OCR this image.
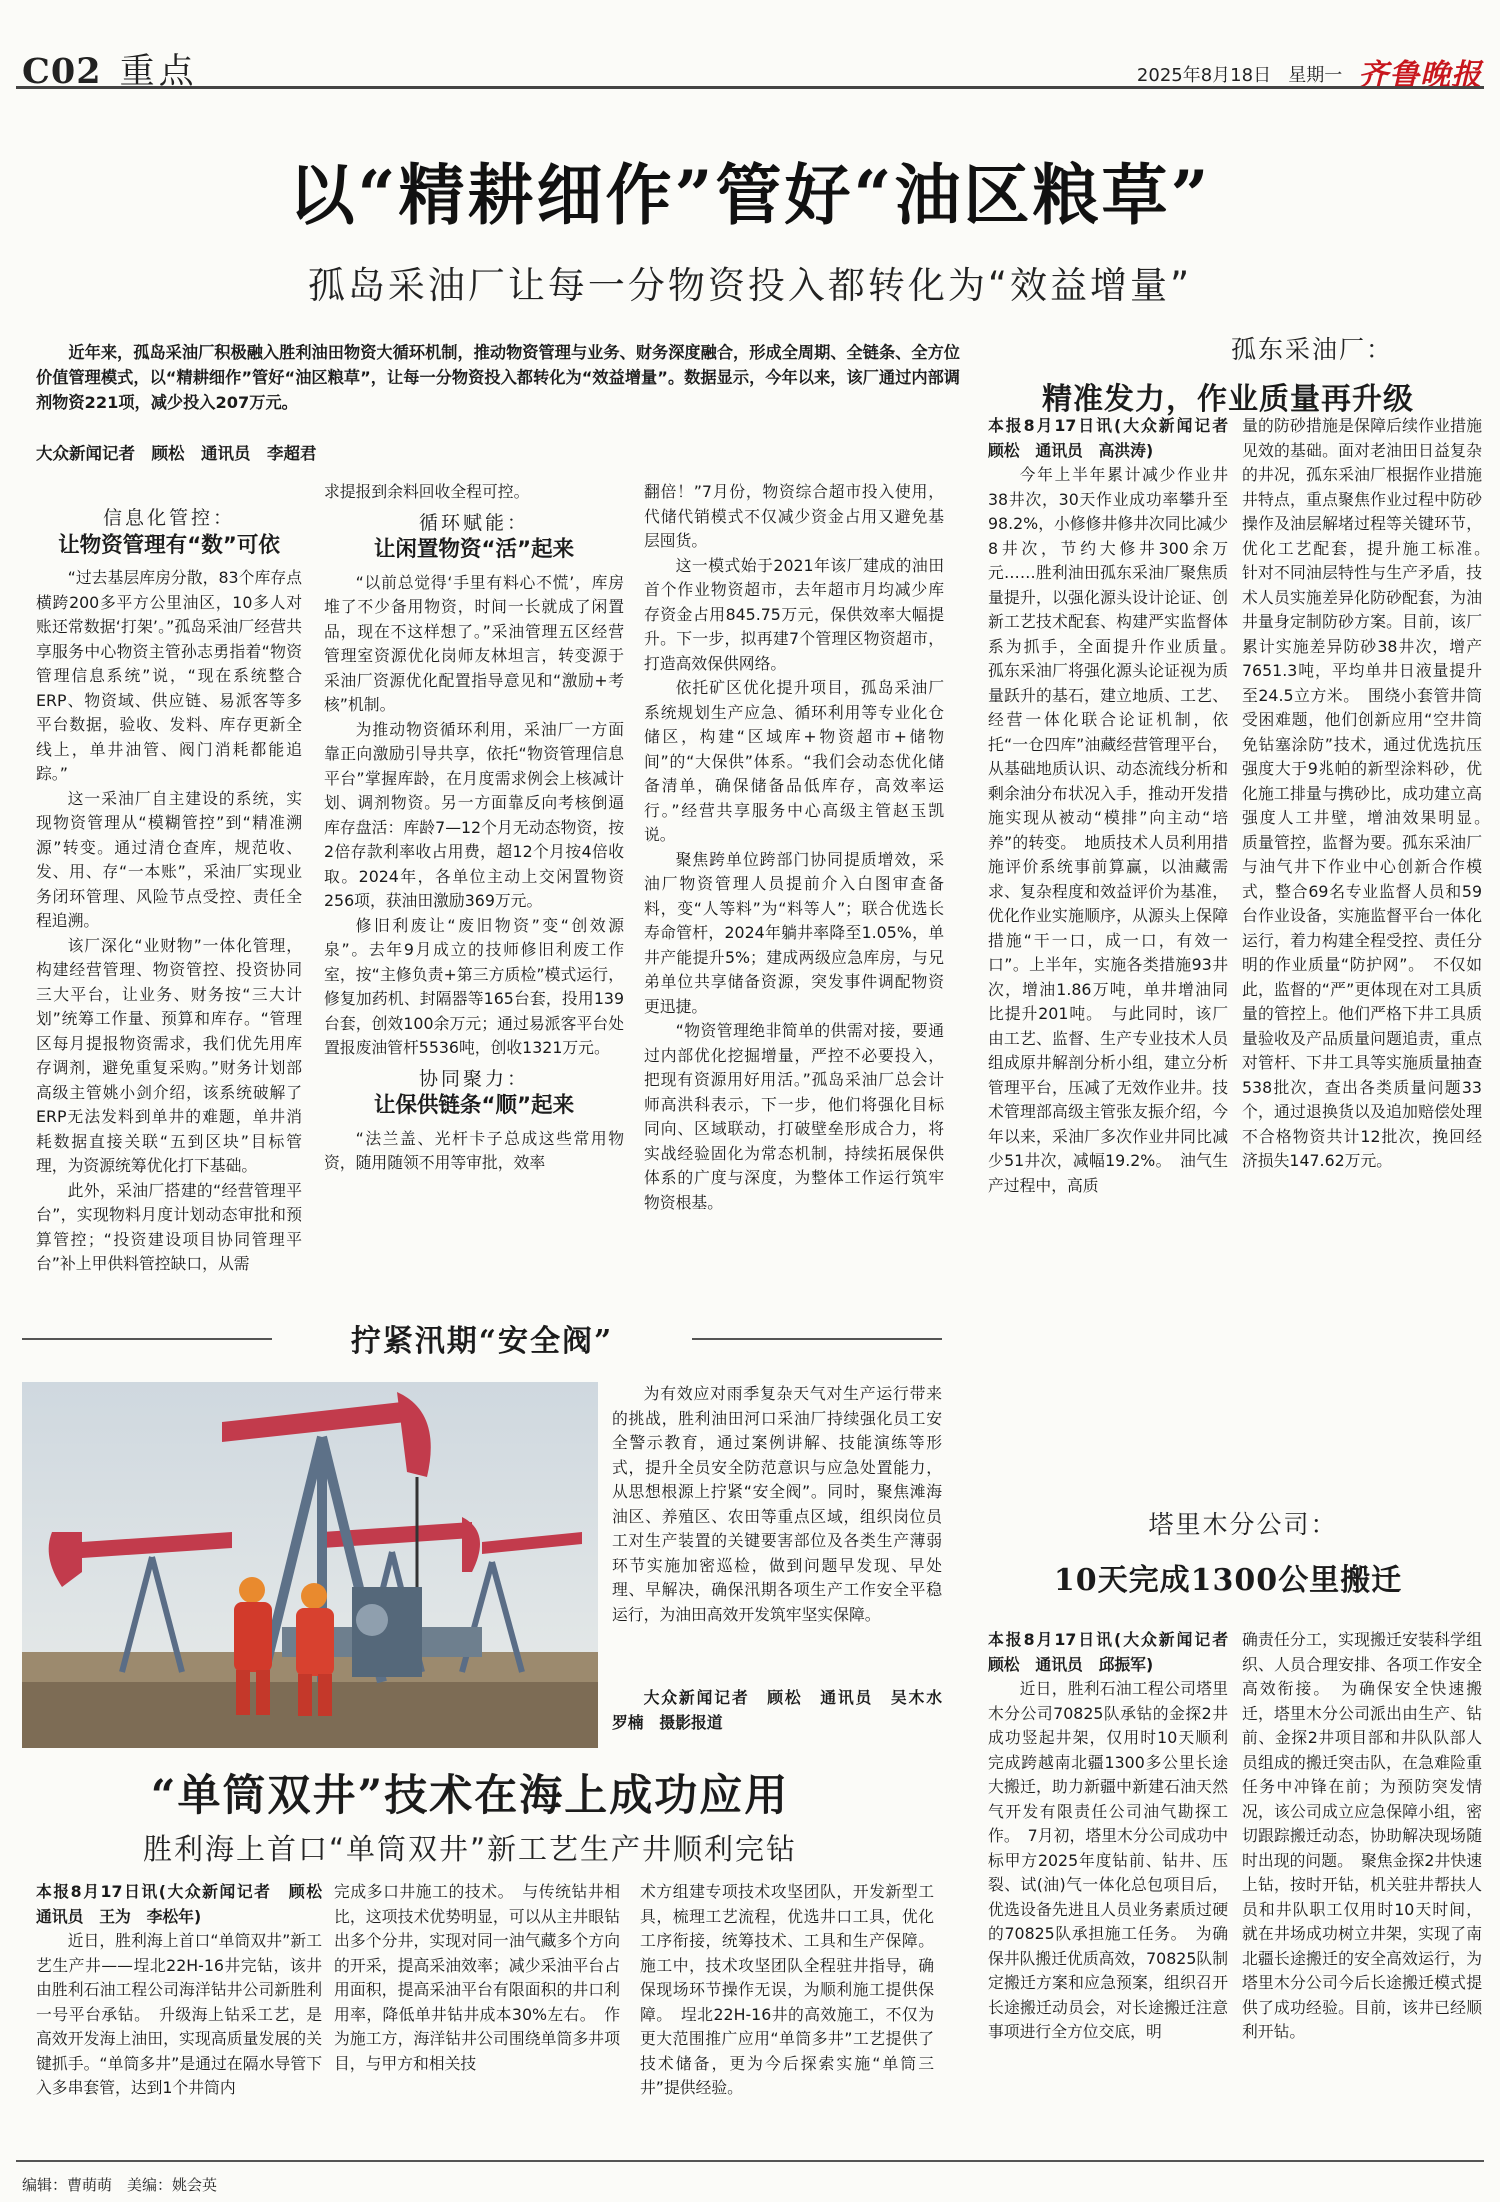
C02 重点	2025年8月18日 星期一 齐鲁晚报
以“精耕细作”管好“油区粮草”
孤岛采油厂让每一分物资投入都转化为“效益增量”
近年来，孤岛采油厂积极融入胜利油田物资大循环机制，推动物资管理与业务、财务深度融合，形成全周期、全链条、全方位价值管理模式，以“精耕细作”管好“油区粮草”，让每一分物资投入都转化为“效益增量”。数据显示，今年以来，该厂通过内部调剂物资221项，减少投入207万元。
大众新闻记者　顾松　通讯员　李超君
信息化管控：
让物资管理有“数”可依

“过去基层库房分散，83个库存点横跨200多平方公里油区，10多人对账还常数据‘打架’。”孤岛采油厂经营共享服务中心物资主管孙志勇指着“物资管理信息系统”说，“现在系统整合ERP、物资域、供应链、易派客等多平台数据，验收、发料、库存更新全线上，单井油管、阀门消耗都能追踪。”

这一采油厂自主建设的系统，实现物资管理从“模糊管控”到“精准溯源”转变。通过清仓查库，规范收、发、用、存“一本账”，采油厂实现业务闭环管理、风险节点受控、责任全程追溯。

该厂深化“业财物”一体化管理，构建经营管理、物资管控、投资协同三大平台，让业务、财务按“三大计划”统筹工作量、预算和库存。“管理区每月提报物资需求，我们优先用库存调剂，避免重复采购。”财务计划部高级主管姚小剑介绍，该系统破解了ERP无法发料到单井的难题，单井消耗数据直接关联“五到区块”目标管理，为资源统筹优化打下基础。

此外，采油厂搭建的“经营管理平台”，实现物料月度计划动态审批和预算管控；“投资建设项目协同管理平台”补上甲供料管控缺口，从需

求提报到余料回收全程可控。

循环赋能：
让闲置物资“活”起来

“以前总觉得‘手里有料心不慌’，库房堆了不少备用物资，时间一长就成了闲置品，现在不这样想了。”采油管理五区经营管理室资源优化岗师友林坦言，转变源于采油厂资源优化配置指导意见和“激励+考核”机制。

为推动物资循环利用，采油厂一方面靠正向激励引导共享，依托“物资管理信息平台”掌握库龄，在月度需求例会上核减计划、调剂物资。另一方面靠反向考核倒逼库存盘活：库龄7—12个月无动态物资，按2倍存款利率收占用费，超12个月按4倍收取。2024年，各单位主动上交闲置物资256项，获油田激励369万元。

修旧利废让“废旧物资”变“创效源泉”。去年9月成立的技师修旧利废工作室，按“主修负责+第三方质检”模式运行，修复加药机、封隔器等165台套，投用139台套，创效100余万元；通过易派客平台处置报废油管杆5536吨，创收1321万元。

协同聚力：
让保供链条“顺”起来

“法兰盖、光杆卡子总成这些常用物资，随用随领不用等审批，效率

翻倍！”7月份，物资综合超市投入使用，代储代销模式不仅减少资金占用又避免基层囤货。

这一模式始于2021年该厂建成的油田首个作业物资超市，去年超市月均减少库存资金占用845.75万元，保供效率大幅提升。下一步，拟再建7个管理区物资超市，打造高效保供网络。

依托矿区优化提升项目，孤岛采油厂系统规划生产应急、循环利用等专业化仓储区，构建“区域库+物资超市+储物间”的“大保供”体系。“我们会动态优化储备清单，确保储备品低库存，高效率运行。”经营共享服务中心高级主管赵玉凯说。

聚焦跨单位跨部门协同提质增效，采油厂物资管理人员提前介入白图审查备料，变“人等料”为“料等人”；联合优选长寿命管杆，2024年躺井率降至1.05%，单井产能提升5%；建成两级应急库房，与兄弟单位共享储备资源，突发事件调配物资更迅捷。

“物资管理绝非简单的供需对接，要通过内部优化挖掘增量，严控不必要投入，把现有资源用好用活。”孤岛采油厂总会计师高洪科表示，下一步，他们将强化目标同向、区域联动，打破壁垒形成合力，将实战经验固化为常态机制，持续拓展保供体系的广度与深度，为整体工作运行筑牢物资根基。

拧紧汛期“安全阀”
为有效应对雨季复杂天气对生产运行带来的挑战，胜利油田河口采油厂持续强化员工安全警示教育，通过案例讲解、技能演练等形式，提升全员安全防范意识与应急处置能力，从思想根源上拧紧“安全阀”。同时，聚焦滩海油区、养殖区、农田等重点区域，组织岗位员工对生产装置的关键要害部位及各类生产薄弱环节实施加密巡检，做到问题早发现、早处理、早解决，确保汛期各项生产工作安全平稳运行，为油田高效开发筑牢坚实保障。
大众新闻记者　顾松　通讯员　吴木水　罗楠　摄影报道
“单筒双井”技术在海上成功应用
胜利海上首口“单筒双井”新工艺生产井顺利完钻

本报8月17日讯(大众新闻记者　顾松　通讯员　王为　李松年)

近日，胜利海上首口“单筒双井”新工艺生产井——埕北22H-16井完钻，该井由胜利石油工程公司海洋钻井公司新胜利一号平台承钻。　升级海上钻采工艺，是高效开发海上油田，实现高质量发展的关键抓手。“单筒多井”是通过在隔水导管下入多串套管，达到1个井筒内

完成多口井施工的技术。　与传统钻井相比，这项技术优势明显，可以从主井眼钻出多个分井，实现对同一油气藏多个方向的开采，提高采油效率；减少采油平台占用面积，提高采油平台有限面积的井口利用率，降低单井钻井成本30%左右。　作为施工方，海洋钻井公司围绕单筒多井项目，与甲方和相关技

术方组建专项技术攻坚团队，开发新型工具，梳理工艺流程，优选井口工具，优化工序衔接，统筹技术、工具和生产保障。施工中，技术攻坚团队全程驻井指导，确保现场环节操作无误，为顺利施工提供保障。　埕北22H-16井的高效施工，不仅为更大范围推广应用“单筒多井”工艺提供了技术储备，更为今后探索实施“单筒三井”提供经验。

孤东采油厂：
精准发力，作业质量再升级

本报8月17日讯(大众新闻记者　顾松　通讯员　高洪涛)

今年上半年累计减少作业井38井次，30天作业成功率攀升至98.2%，小修修井修井次同比减少8井次，节约大修井300余万元……胜利油田孤东采油厂聚焦质量提升，以强化源头设计论证、创新工艺技术配套、构建严实监督体系为抓手，全面提升作业质量。　孤东采油厂将强化源头论证视为质量跃升的基石，建立地质、工艺、经营一体化联合论证机制，依托“一仓四库”油藏经营管理平台，从基础地质认识、动态流线分析和剩余油分布状况入手，推动开发措施实现从被动“模排”向主动“培养”的转变。　地质技术人员利用措施评价系统事前算赢，以油藏需求、复杂程度和效益评价为基准，优化作业实施顺序，从源头上保障措施“干一口，成一口，有效一口”。上半年，实施各类措施93井次，增油1.86万吨，单井增油同比提升201吨。　与此同时，该厂由工艺、监督、生产专业技术人员组成原井解剖分析小组，建立分析管理平台，压减了无效作业井。技术管理部高级主管张友振介绍，今年以来，采油厂多次作业井同比减少51井次，减幅19.2%。　油气生产过程中，高质

量的防砂措施是保障后续作业措施见效的基础。面对老油田日益复杂的井况，孤东采油厂根据作业措施井特点，重点聚焦作业过程中防砂操作及油层解堵过程等关键环节，优化工艺配套，提升施工标准。　针对不同油层特性与生产矛盾，技术人员实施差异化防砂配套，为油井量身定制防砂方案。目前，该厂累计实施差异防砂38井次，增产7651.3吨，平均单井日液量提升至24.5立方米。　围绕小套管井筒受困难题，他们创新应用“空井筒免钻塞涂防”技术，通过优选抗压强度大于9兆帕的新型涂料砂，优化施工排量与携砂比，成功建立高强度人工井壁，增油效果明显。　质量管控，监督为要。孤东采油厂与油气井下作业中心创新合作模式，整合69名专业监督人员和59台作业设备，实施监督平台一体化运行，着力构建全程受控、责任分明的作业质量“防护网”。　不仅如此，监督的“严”更体现在对工具质量的管控上。他们严格下井工具质量验收及产品质量问题追责，重点对管杆、下井工具等实施质量抽查538批次，查出各类质量问题33个，通过退换货以及追加赔偿处理不合格物资共计12批次，挽回经济损失147.62万元。

塔里木分公司：
10天完成1300公里搬迁

本报8月17日讯(大众新闻记者　顾松　通讯员　邱振军)

近日，胜利石油工程公司塔里木分公司70825队承钻的金探2井成功竖起井架，仅用时10天顺利完成跨越南北疆1300多公里长途大搬迁，助力新疆中新建石油天然气开发有限责任公司油气勘探工作。　7月初，塔里木分公司成功中标甲方2025年度钻前、钻井、压裂、试(油)气一体化总包项目后，优选设备先进且人员业务素质过硬的70825队承担施工任务。　为确保井队搬迁优质高效，70825队制定搬迁方案和应急预案，组织召开长途搬迁动员会，对长途搬迁注意事项进行全方位交底，明

确责任分工，实现搬迁安装科学组织、人员合理安排、各项工作安全高效衔接。　为确保安全快速搬迁，塔里木分公司派出由生产、钻前、金探2井项目部和井队队部人员组成的搬迁突击队，在急难险重任务中冲锋在前；为预防突发情况，该公司成立应急保障小组，密切跟踪搬迁动态，协助解决现场随时出现的问题。　聚焦金探2井快速上钻，按时开钻，机关驻井帮扶人员和井队职工仅用时10天时间，就在井场成功树立井架，实现了南北疆长途搬迁的安全高效运行，为塔里木分公司今后长途搬迁模式提供了成功经验。目前，该井已经顺利开钻。

编辑：曹萌萌　美编：姚会英
